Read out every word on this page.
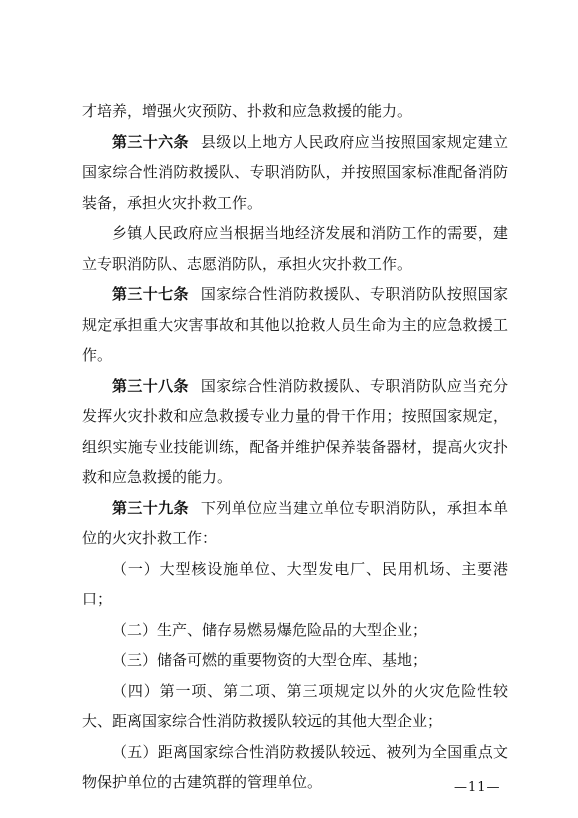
才培养，增强火灾预防、扑救和应急救援的能力。

第三十六条 县级以上地方人民政府应当按照国家规定建立国家综合性消防救援队、专职消防队，并按照国家标准配备消防装备，承担火灾扑救工作。

乡镇人民政府应当根据当地经济发展和消防工作的需要，建立专职消防队、志愿消防队，承担火灾扑救工作。

第三十七条 国家综合性消防救援队、专职消防队按照国家规定承担重大灾害事故和其他以抢救人员生命为主的应急救援工作。

第三十八条 国家综合性消防救援队、专职消防队应当充分发挥火灾扑救和应急救援专业力量的骨干作用；按照国家规定，组织实施专业技能训练，配备并维护保养装备器材，提高火灾扑救和应急救援的能力。

第三十九条 下列单位应当建立单位专职消防队，承担本单位的火灾扑救工作：

（一）大型核设施单位、大型发电厂、民用机场、主要港口；

（二）生产、储存易燃易爆危险品的大型企业；

（三）储备可燃的重要物资的大型仓库、基地；

（四）第一项、第二项、第三项规定以外的火灾危险性较大、距离国家综合性消防救援队较远的其他大型企业；

（五）距离国家综合性消防救援队较远、被列为全国重点文物保护单位的古建筑群的管理单位。	—11—
